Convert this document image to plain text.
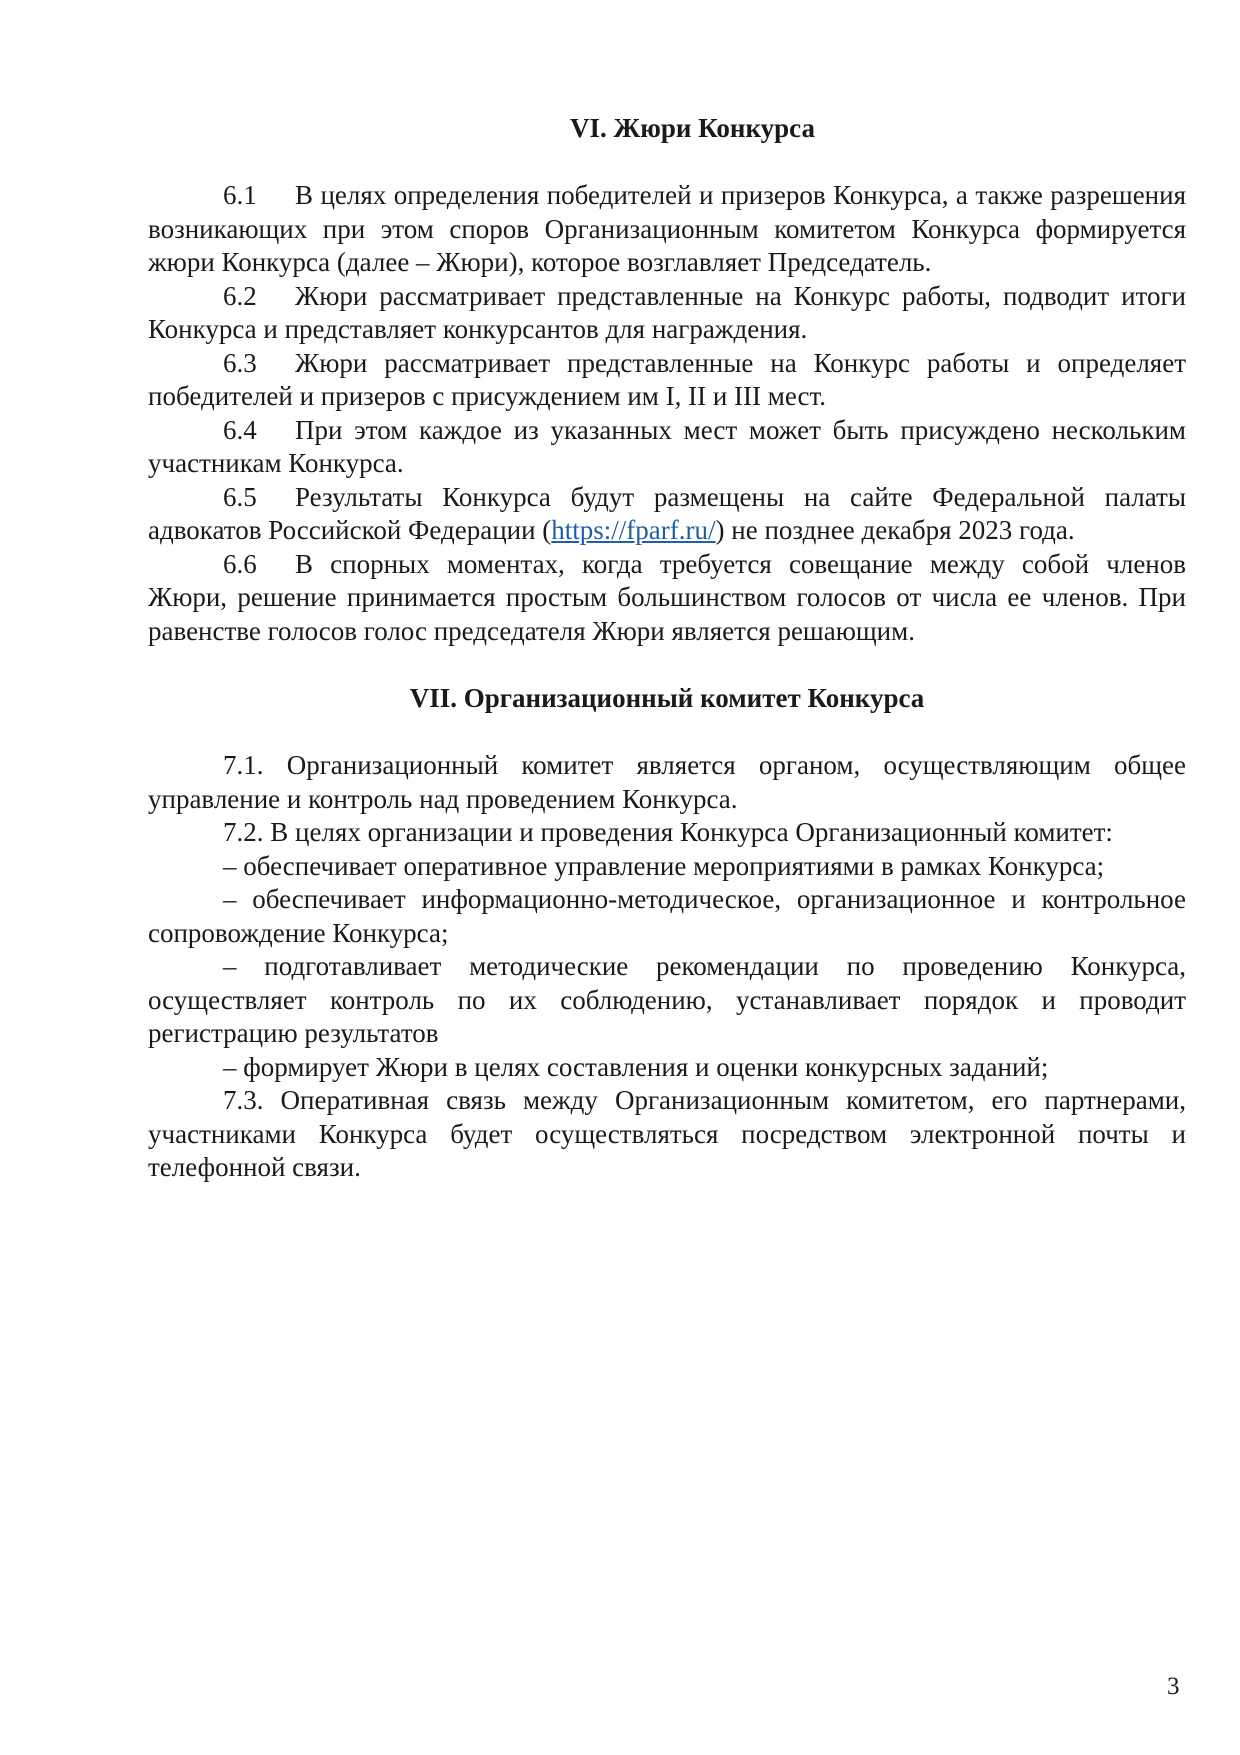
VI. Жюри Конкурса

6.1 В целях определения победителей и призеров Конкурса, а также разрешения возникающих при этом споров Организационным комитетом Конкурса формируется жюри Конкурса (далее – Жюри), которое возглавляет Председатель.

6.2 Жюри рассматривает представленные на Конкурс работы, подводит итоги Конкурса и представляет конкурсантов для награждения.

6.3 Жюри рассматривает представленные на Конкурс работы и определяет победителей и призеров с присуждением им I, II и III мест.

6.4 При этом каждое из указанных мест может быть присуждено нескольким участникам Конкурса.

6.5 Результаты Конкурса будут размещены на сайте Федеральной палаты адвокатов Российской Федерации (https://fparf.ru/) не позднее декабря 2023 года.

6.6 В спорных моментах, когда требуется совещание между собой членов Жюри, решение принимается простым большинством голосов от числа ее членов. При равенстве голосов голос председателя Жюри является решающим.

VII. Организационный комитет Конкурса

7.1. Организационный комитет является органом, осуществляющим общее управление и контроль над проведением Конкурса.

7.2. В целях организации и проведения Конкурса Организационный комитет:

– обеспечивает оперативное управление мероприятиями в рамках Конкурса;

– обеспечивает информационно-методическое, организационное и контрольное сопровождение Конкурса;

– подготавливает методические рекомендации по проведению Конкурса, осуществляет контроль по их соблюдению, устанавливает порядок и проводит регистрацию результатов

– формирует Жюри в целях составления и оценки конкурсных заданий;

7.3. Оперативная связь между Организационным комитетом, его партнерами, участниками Конкурса будет осуществляться посредством электронной почты и телефонной связи.

3
